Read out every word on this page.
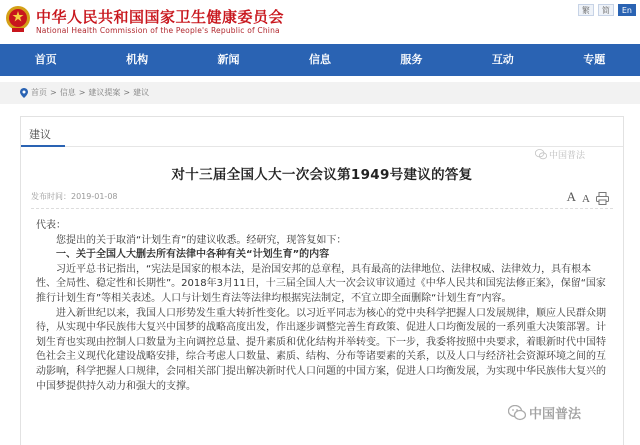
中华人民共和国国家卫生健康委员会
National Health Commission of the People's Republic of China
繁	简	En
首页	机构	新闻	信息	服务	互动	专题
首页 > 信息 > 建议提案 > 建议
建议
对十三届全国人大一次会议第1949号建议的答复
发布时间：2019-01-08	A A

代表：

您提出的关于取消“计划生育”的建议收悉。经研究，现答复如下：

一、关于全国人大删去所有法律中各种有关“计划生育”的内容

习近平总书记指出，“宪法是国家的根本法，是治国安邦的总章程，具有最高的法律地位、法律权威、法律效力，具有根本性、全局性、稳定性和长期性”。2018年3月11日，十三届全国人大一次会议审议通过《中华人民共和国宪法修正案》，保留“国家推行计划生育”等相关表述。人口与计划生育法等法律均根据宪法制定，不宜立即全面删除“计划生育”内容。

进入新世纪以来，我国人口形势发生重大转折性变化。以习近平同志为核心的党中央科学把握人口发展规律，顺应人民群众期待，从实现中华民族伟大复兴中国梦的战略高度出发，作出逐步调整完善生育政策、促进人口均衡发展的一系列重大决策部署。计划生育也实现由控制人口数量为主向调控总量、提升素质和优化结构并举转变。下一步，我委将按照中央要求，着眼新时代中国特色社会主义现代化建设战略安排，综合考虑人口数量、素质、结构、分布等诸要素的关系，以及人口与经济社会资源环境之间的互动影响，科学把握人口规律，会同相关部门提出解决新时代人口问题的中国方案，促进人口均衡发展，为实现中华民族伟大复兴的中国梦提供持久动力和强大的支撑。

中国普法
中国普法
